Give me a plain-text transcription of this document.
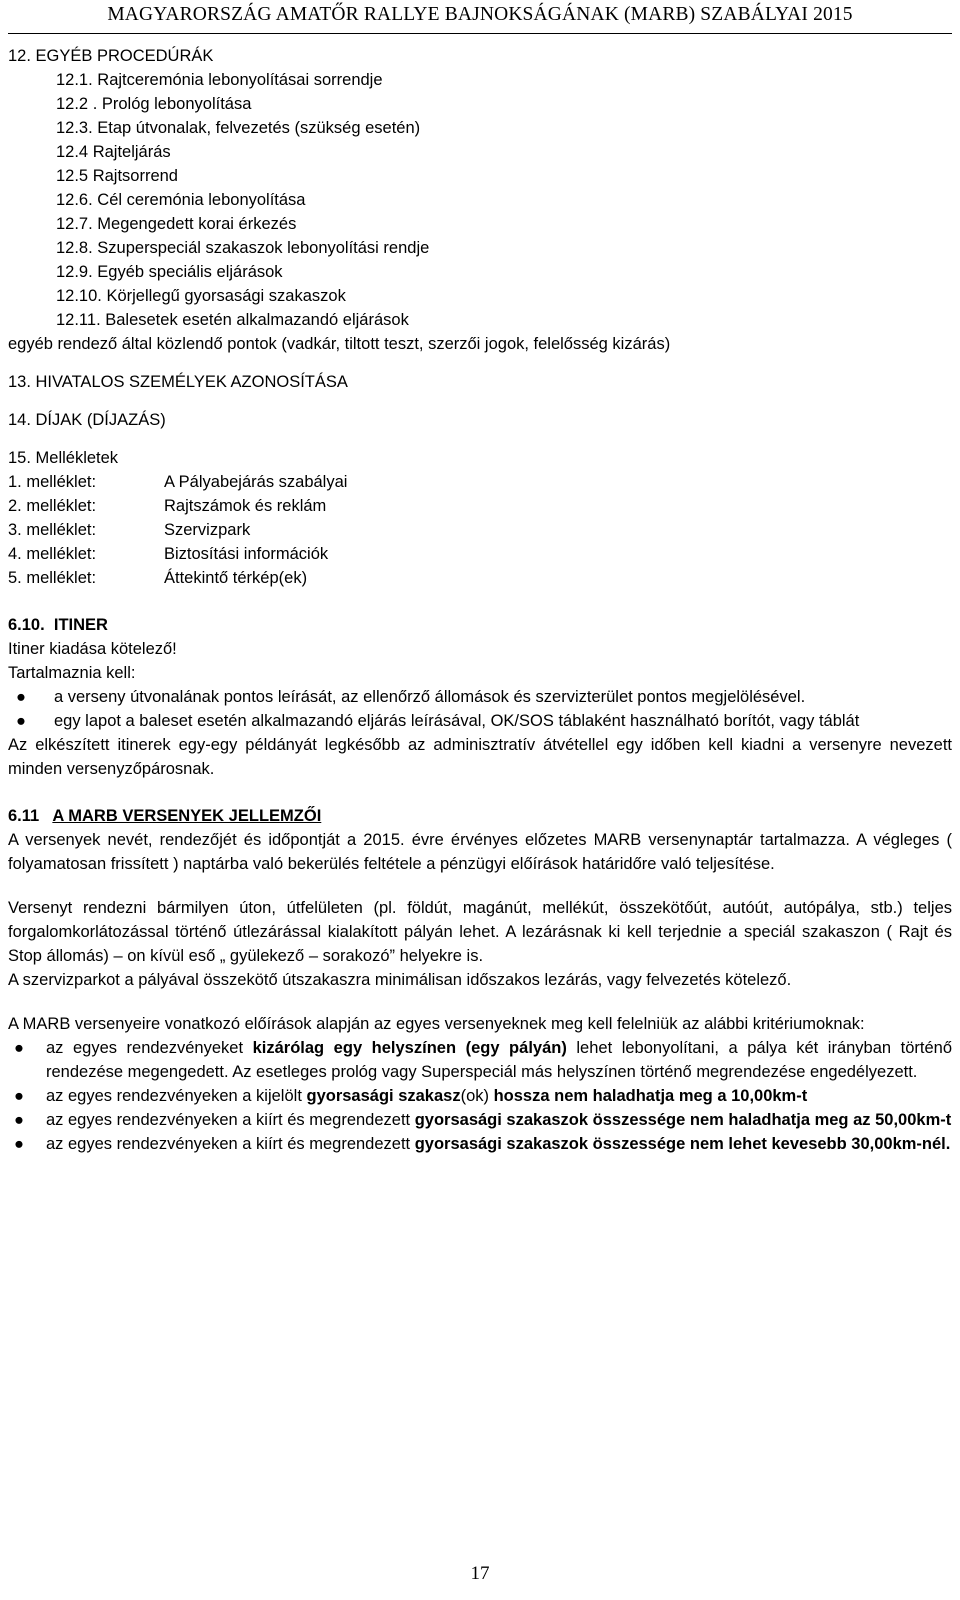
MAGYARORSZÁG AMATŐR RALLYE BAJNOKSÁGÁNAK (MARB) SZABÁLYAI 2015
12. EGYÉB PROCEDÚRÁK
12.1. Rajtceremónia lebonyolításai sorrendje
12.2 . Prológ lebonyolítása
12.3. Etap útvonalak, felvezetés (szükség esetén)
12.4 Rajteljárás
12.5 Rajtsorrend
12.6. Cél ceremónia lebonyolítása
12.7. Megengedett korai érkezés
12.8. Szuperspeciál szakaszok lebonyolítási rendje
12.9. Egyéb speciális eljárások
12.10. Körjellegű gyorsasági szakaszok
12.11. Balesetek esetén alkalmazandó eljárások
egyéb rendező által közlendő pontok (vadkár, tiltott teszt, szerzői jogok, felelősség kizárás)
13. HIVATALOS SZEMÉLYEK AZONOSÍTÁSA
14. DÍJAK (DÍJAZÁS)
15. Mellékletek
1. melléklet:	A Pályabejárás szabályai
2. melléklet:	Rajtszámok és reklám
3. melléklet:	Szervizpark
4. melléklet:	Biztosítási információk
5. melléklet:	Áttekintő térkép(ek)
6.10. ITINER
Itiner kiadása kötelező!
Tartalmaznia kell:
● a verseny útvonalának pontos leírását, az ellenőrző állomások és szervizterület pontos megjelölésével.
● egy lapot a baleset esetén alkalmazandó eljárás leírásával, OK/SOS táblaként használható borítót, vagy táblát

Az elkészített itinerek egy-egy példányát legkésőbb az adminisztratív átvétellel egy időben kell kiadni a versenyre nevezett minden versenyzőpárosnak.

6.11 A MARB VERSENYEK JELLEMZŐI

A versenyek nevét, rendezőjét és időpontját a 2015. évre érvényes előzetes MARB versenynaptár tartalmazza. A végleges ( folyamatosan frissített ) naptárba való bekerülés feltétele a pénzügyi előírások határidőre való teljesítése.

Versenyt rendezni bármilyen úton, útfelületen (pl. földút, magánút, mellékút, összekötőút, autóút, autópálya, stb.) teljes forgalomkorlátozással történő útlezárással kialakított pályán lehet. A lezárásnak ki kell terjednie a speciál szakaszon ( Rajt és Stop állomás) – on kívül eső „ gyülekező – sorakozó” helyekre is.

A szervizparkot a pályával összekötő útszakaszra minimálisan időszakos lezárás, vagy felvezetés kötelező.

A MARB versenyeire vonatkozó előírások alapján az egyes versenyeknek meg kell felelniük az alábbi kritériumoknak:

● az egyes rendezvényeket kizárólag egy helyszínen (egy pályán) lehet lebonyolítani, a pálya két irányban történő rendezése megengedett. Az esetleges prológ vagy Superspeciál más helyszínen történő megrendezése engedélyezett.
● az egyes rendezvényeken a kijelölt gyorsasági szakasz(ok) hossza nem haladhatja meg a 10,00km-t
● az egyes rendezvényeken a kiírt és megrendezett gyorsasági szakaszok összessége nem haladhatja meg az 50,00km-t
● az egyes rendezvényeken a kiírt és megrendezett gyorsasági szakaszok összessége nem lehet kevesebb 30,00km-nél.
17
